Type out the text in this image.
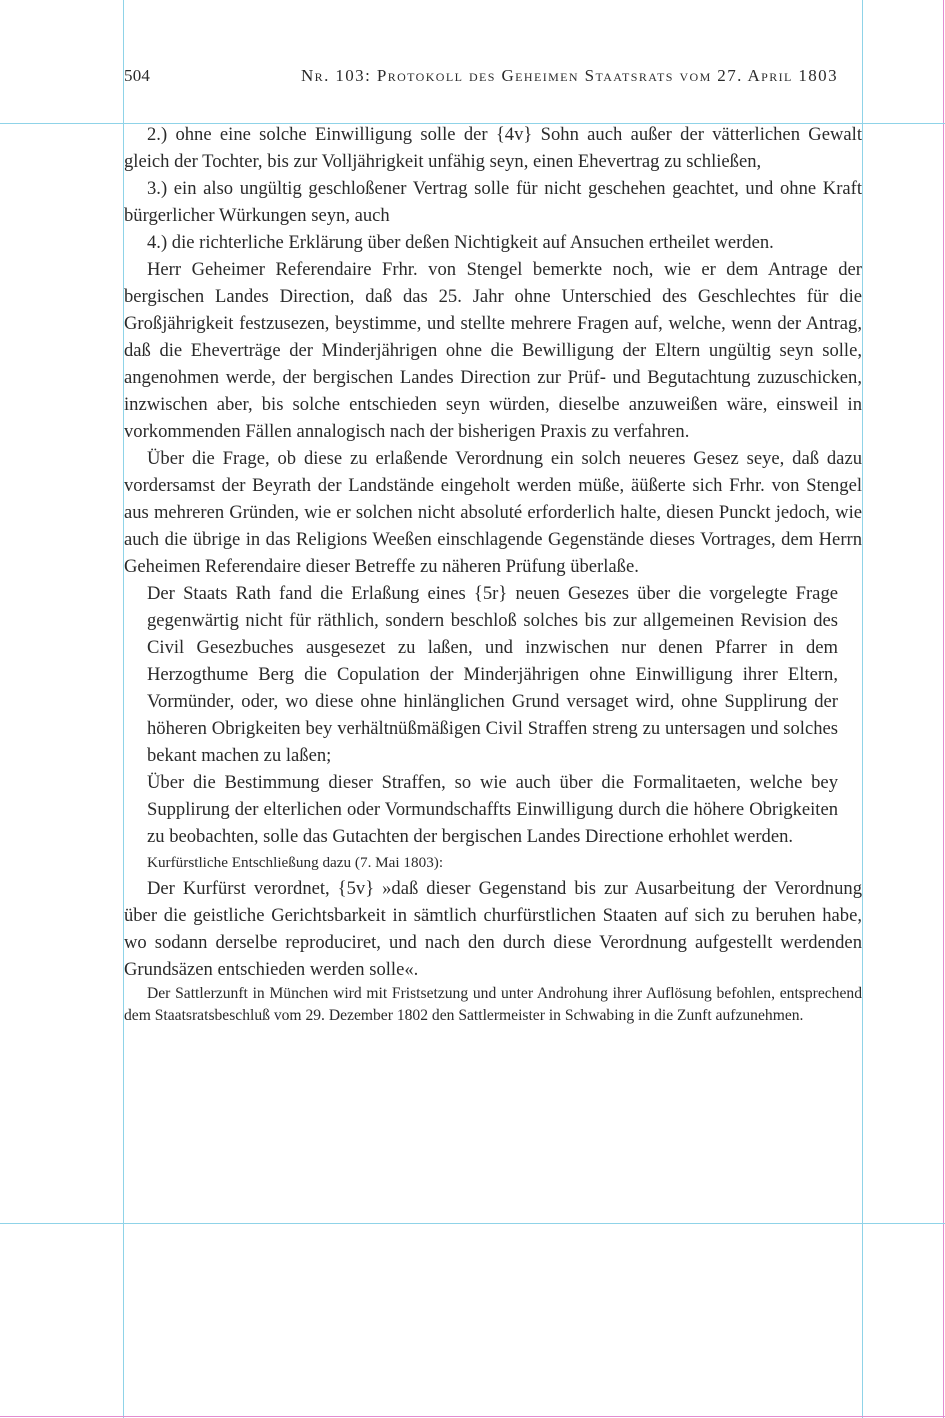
504	Nr. 103: Protokoll des Geheimen Staatsrats vom 27. April 1803

2.) ohne eine solche Einwilligung solle der {4v} Sohn auch außer der vätterlichen Gewalt gleich der Tochter, bis zur Volljährigkeit unfähig seyn, einen Ehevertrag zu schließen,

3.) ein also ungültig geschloßener Vertrag solle für nicht geschehen geachtet, und ohne Kraft bürgerlicher Würkungen seyn, auch

4.) die richterliche Erklärung über deßen Nichtigkeit auf Ansuchen ertheilet werden.

Herr Geheimer Referendaire Frhr. von Stengel bemerkte noch, wie er dem Antrage der bergischen Landes Direction, daß das 25. Jahr ohne Unterschied des Geschlechtes für die Großjährigkeit festzusezen, beystimme, und stellte mehrere Fragen auf, welche, wenn der Antrag, daß die Eheverträge der Minderjährigen ohne die Bewilligung der Eltern ungültig seyn solle, angenohmen werde, der bergischen Landes Direction zur Prüf- und Begutachtung zuzuschicken, inzwischen aber, bis solche entschieden seyn würden, dieselbe anzuweißen wäre, einsweil in vorkommenden Fällen annalogisch nach der bisherigen Praxis zu verfahren.

Über die Frage, ob diese zu erlaßende Verordnung ein solch neueres Gesez seye, daß dazu vordersamst der Beyrath der Landstände eingeholt werden müße, äüßerte sich Frhr. von Stengel aus mehreren Gründen, wie er solchen nicht absoluté erforderlich halte, diesen Punckt jedoch, wie auch die übrige in das Religions Weeßen einschlagende Gegenstände dieses Vortrages, dem Herrn Geheimen Referendaire dieser Betreffe zu näheren Prüfung überlaße.

Der Staats Rath fand die Erlaßung eines {5r} neuen Gesezes über die vorgelegte Frage gegenwärtig nicht für räthlich, sondern beschloß solches bis zur allgemeinen Revision des Civil Gesezbuches ausgesezet zu laßen, und inzwischen nur denen Pfarrer in dem Herzogthume Berg die Copulation der Minderjährigen ohne Einwilligung ihrer Eltern, Vormünder, oder, wo diese ohne hinlänglichen Grund versaget wird, ohne Supplirung der höheren Obrigkeiten bey verhältnüßmäßigen Civil Straffen streng zu untersagen und solches bekant machen zu laßen;

Über die Bestimmung dieser Straffen, so wie auch über die Formalitaeten, welche bey Supplirung der elterlichen oder Vormundschaffts Einwilligung durch die höhere Obrigkeiten zu beobachten, solle das Gutachten der bergischen Landes Directione erhohlet werden.

Kurfürstliche Entschließung dazu (7. Mai 1803):

Der Kurfürst verordnet, {5v} »daß dieser Gegenstand bis zur Ausarbeitung der Verordnung über die geistliche Gerichtsbarkeit in sämtlich churfürstlichen Staaten auf sich zu beruhen habe, wo sodann derselbe reproduciret, und nach den durch diese Verordnung aufgestellt werdenden Grundsäzen entschieden werden solle«.

Der Sattlerzunft in München wird mit Fristsetzung und unter Androhung ihrer Auflösung befohlen, entsprechend dem Staatsratsbeschluß vom 29. Dezember 1802 den Sattlermeister in Schwabing in die Zunft aufzunehmen.
